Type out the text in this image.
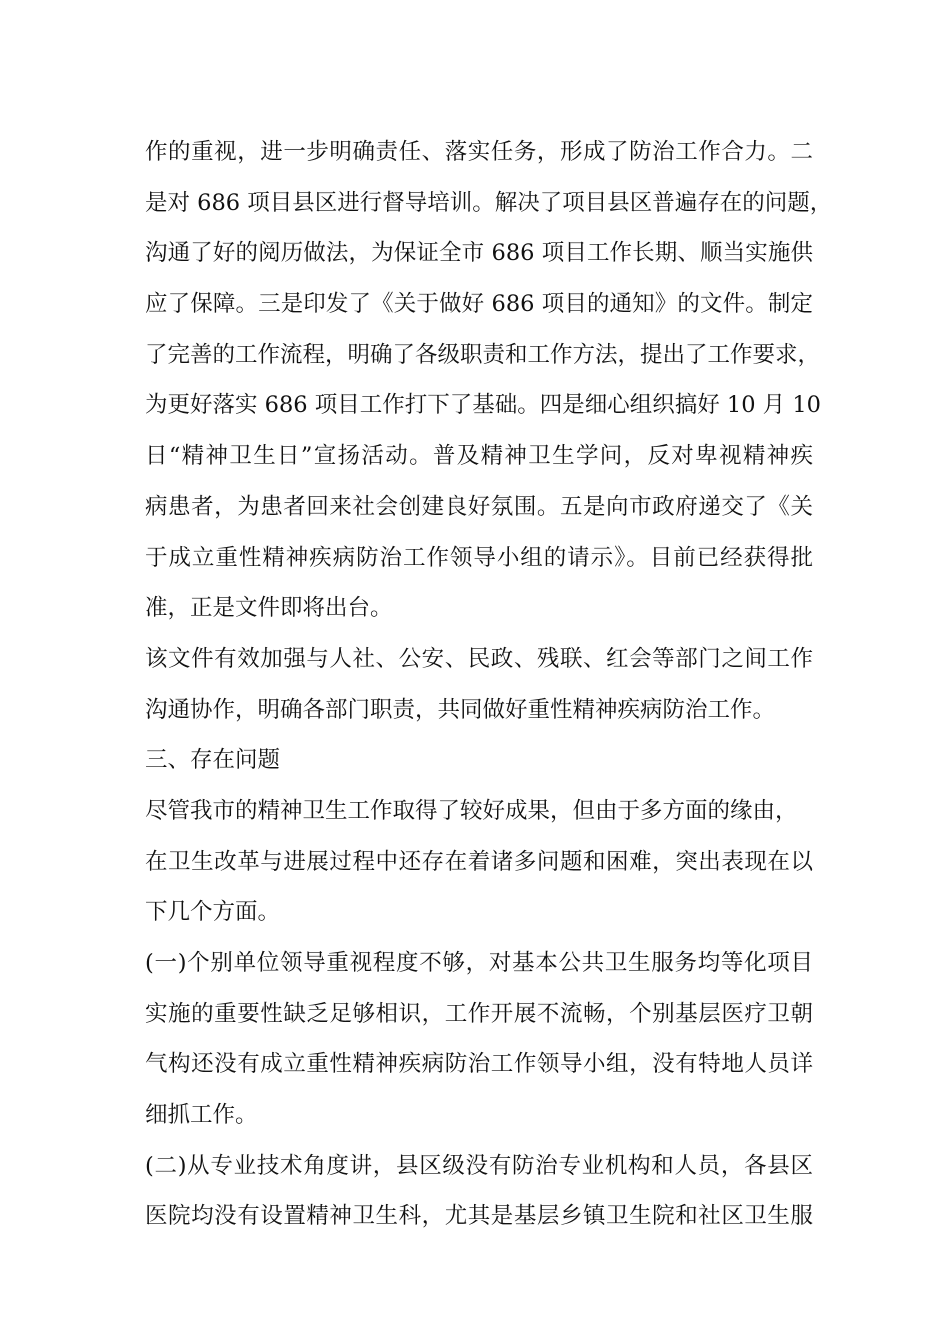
作的重视，进一步明确责任、落实任务，形成了防治工作合力。二
是对 686 项目县区进行督导培训。解决了项目县区普遍存在的问题，
沟通了好的阅历做法，为保证全市 686 项目工作长期、顺当实施供
应了保障。三是印发了《关于做好 686 项目的通知》的文件。制定
了完善的工作流程，明确了各级职责和工作方法，提出了工作要求，
为更好落实 686 项目工作打下了基础。四是细心组织搞好 10 月 10
日“精神卫生日”宣扬活动。普及精神卫生学问，反对卑视精神疾
病患者，为患者回来社会创建良好氛围。五是向市政府递交了《关
于成立重性精神疾病防治工作领导小组的请示》。目前已经获得批
准，正是文件即将出台。
该文件有效加强与人社、公安、民政、残联、红会等部门之间工作
沟通协作，明确各部门职责，共同做好重性精神疾病防治工作。
三、存在问题
尽管我市的精神卫生工作取得了较好成果，但由于多方面的缘由，
在卫生改革与进展过程中还存在着诸多问题和困难，突出表现在以
下几个方面。
(一)个别单位领导重视程度不够，对基本公共卫生服务均等化项目
实施的重要性缺乏足够相识，工作开展不流畅，个别基层医疗卫朝
气构还没有成立重性精神疾病防治工作领导小组，没有特地人员详
细抓工作。
(二)从专业技术角度讲，县区级没有防治专业机构和人员，各县区
医院均没有设置精神卫生科，尤其是基层乡镇卫生院和社区卫生服
